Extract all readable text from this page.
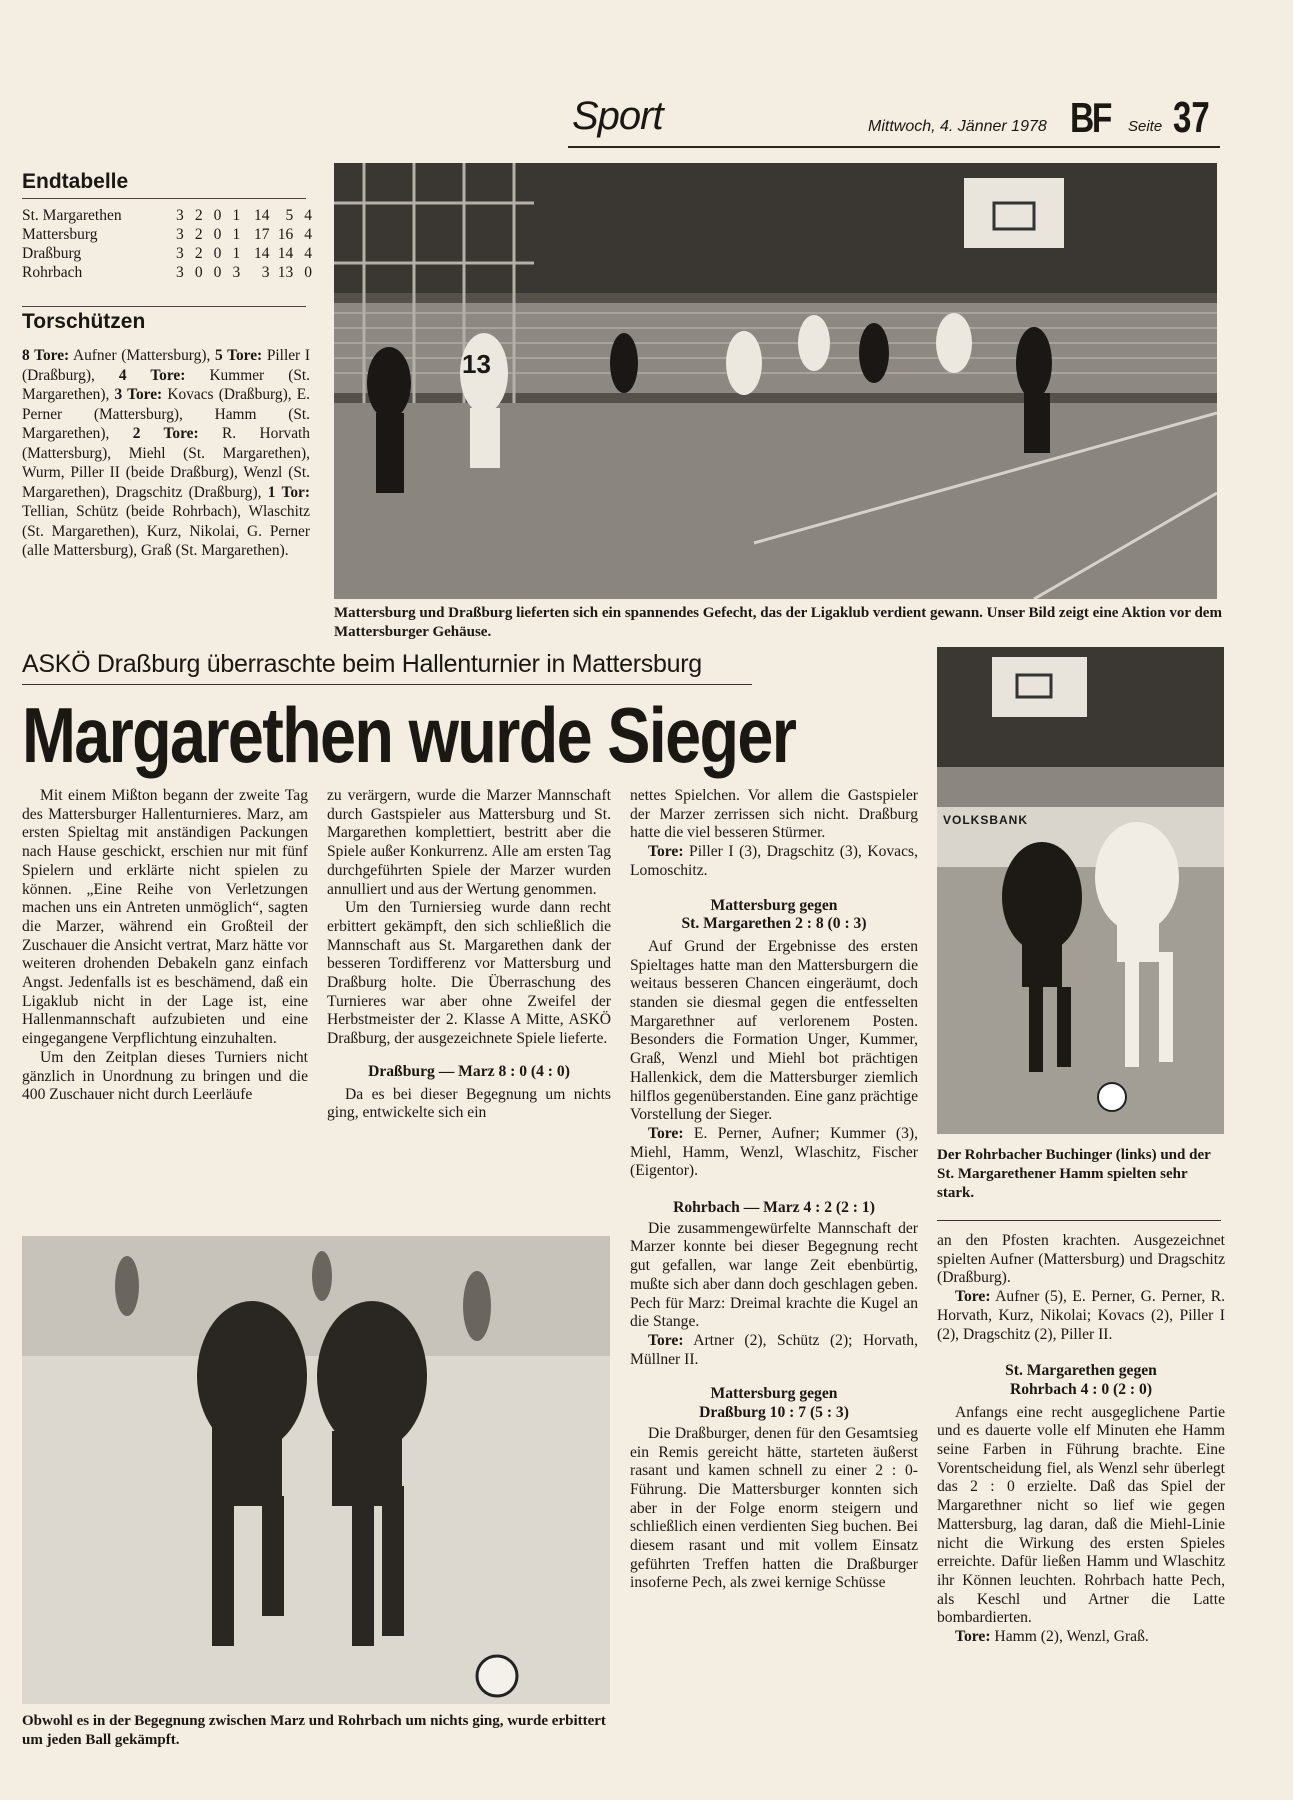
Sport	Mittwoch, 4. Jänner 1978 BF Seite 37
Endtabelle
St. Margarethen	3 2 0 1 14	5 4
Mattersburg	3 2 0 1 17 16 4
Draßburg	3 2 0 1 14 14 4
Rohrbach	3 0 0 3	3 13 0
Torschützen
8 Tore: Aufner (Mattersburg), 5 Tore: Piller I (Draßburg), 4 Tore: Kummer (St. Margarethen), 3 Tore: Kovacs (Draßburg), E. Perner (Mattersburg), Hamm (St. Margarethen), 2 Tore: R. Horvath (Mattersburg), Miehl (St. Margarethen), Wurm, Piller II (beide Draßburg), Wenzl (St. Margarethen), Dragschitz (Draßburg), 1 Tor: Tellian, Schütz (beide Rohrbach), Wlaschitz (St. Margarethen), Kurz, Nikolai, G. Perner (alle Mattersburg), Graß (St. Margarethen).
13
Mattersburg und Draßburg lieferten sich ein spannendes Gefecht, das der Ligaklub verdient gewann. Unser Bild zeigt eine Aktion vor dem Mattersburger Gehäuse.
ASKÖ Draßburg überraschte beim Hallenturnier in Mattersburg
Margarethen wurde Sieger
VOLKSBANK
Der Rohrbacher Buchinger (links) und der St. Margarethener Hamm spielten sehr stark.
Obwohl es in der Begegnung zwischen Marz und Rohrbach um nichts ging, wurde erbittert um jeden Ball gekämpft.

Mit einem Mißton begann der zweite Tag des Mattersburger Hallenturnieres. Marz, am ersten Spieltag mit anständigen Packungen nach Hause geschickt, erschien nur mit fünf Spielern und erklärte nicht spielen zu können. „Eine Reihe von Verletzungen machen uns ein Antreten unmöglich“, sagten die Marzer, während ein Großteil der Zuschauer die Ansicht vertrat, Marz hätte vor weiteren drohenden Debakeln ganz einfach Angst. Jedenfalls ist es beschämend, daß ein Ligaklub nicht in der Lage ist, eine Hallenmannschaft aufzubieten und eine eingegangene Verpflichtung einzuhalten.

Um den Zeitplan dieses Turniers nicht gänzlich in Unordnung zu bringen und die 400 Zuschauer nicht durch Leerläufe

zu verärgern, wurde die Marzer Mannschaft durch Gastspieler aus Mattersburg und St. Margarethen komplettiert, bestritt aber die Spiele außer Konkurrenz. Alle am ersten Tag durchgeführten Spiele der Marzer wurden annulliert und aus der Wertung genommen.

Um den Turniersieg wurde dann recht erbittert gekämpft, den sich schließlich die Mannschaft aus St. Margarethen dank der besseren Tordifferenz vor Mattersburg und Draßburg holte. Die Überraschung des Turnieres war aber ohne Zweifel der Herbstmeister der 2. Klasse A Mitte, ASKÖ Draßburg, der ausgezeichnete Spiele lieferte.

Draßburg — Marz 8 : 0 (4 : 0)

Da es bei dieser Begegnung um nichts ging, entwickelte sich ein

nettes Spielchen. Vor allem die Gastspieler der Marzer zerrissen sich nicht. Draßburg hatte die viel besseren Stürmer.

Tore: Piller I (3), Dragschitz (3), Kovacs, Lomoschitz.

Mattersburg gegen

St. Margarethen 2 : 8 (0 : 3)

Auf Grund der Ergebnisse des ersten Spieltages hatte man den Mattersburgern die weitaus besseren Chancen eingeräumt, doch standen sie diesmal gegen die entfesselten Margarethner auf verlorenem Posten. Besonders die Formation Unger, Kummer, Graß, Wenzl und Miehl bot prächtigen Hallenkick, dem die Mattersburger ziemlich hilflos gegenüberstanden. Eine ganz prächtige Vorstellung der Sieger.

Tore: E. Perner, Aufner; Kummer (3), Miehl, Hamm, Wenzl, Wlaschitz, Fischer (Eigentor).

Rohrbach — Marz 4 : 2 (2 : 1)

Die zusammengewürfelte Mannschaft der Marzer konnte bei dieser Begegnung recht gut gefallen, war lange Zeit ebenbürtig, mußte sich aber dann doch geschlagen geben. Pech für Marz: Dreimal krachte die Kugel an die Stange.

Tore: Artner (2), Schütz (2); Horvath, Müllner II.

Mattersburg gegen

Draßburg 10 : 7 (5 : 3)

Die Draßburger, denen für den Gesamtsieg ein Remis gereicht hätte, starteten äußerst rasant und kamen schnell zu einer 2 : 0-Führung. Die Mattersburger konnten sich aber in der Folge enorm steigern und schließlich einen verdienten Sieg buchen. Bei diesem rasant und mit vollem Einsatz geführten Treffen hatten die Draßburger insoferne Pech, als zwei kernige Schüsse

an den Pfosten krachten. Ausgezeichnet spielten Aufner (Mattersburg) und Dragschitz (Draßburg).

Tore: Aufner (5), E. Perner, G. Perner, R. Horvath, Kurz, Nikolai; Kovacs (2), Piller I (2), Dragschitz (2), Piller II.

St. Margarethen gegen

Rohrbach 4 : 0 (2 : 0)

Anfangs eine recht ausgeglichene Partie und es dauerte volle elf Minuten ehe Hamm seine Farben in Führung brachte. Eine Vorentscheidung fiel, als Wenzl sehr überlegt das 2 : 0 erzielte. Daß das Spiel der Margarethner nicht so lief wie gegen Mattersburg, lag daran, daß die Miehl-Linie nicht die Wirkung des ersten Spieles erreichte. Dafür ließen Hamm und Wlaschitz ihr Können leuchten. Rohrbach hatte Pech, als Keschl und Artner die Latte bombardierten.

Tore: Hamm (2), Wenzl, Graß.
